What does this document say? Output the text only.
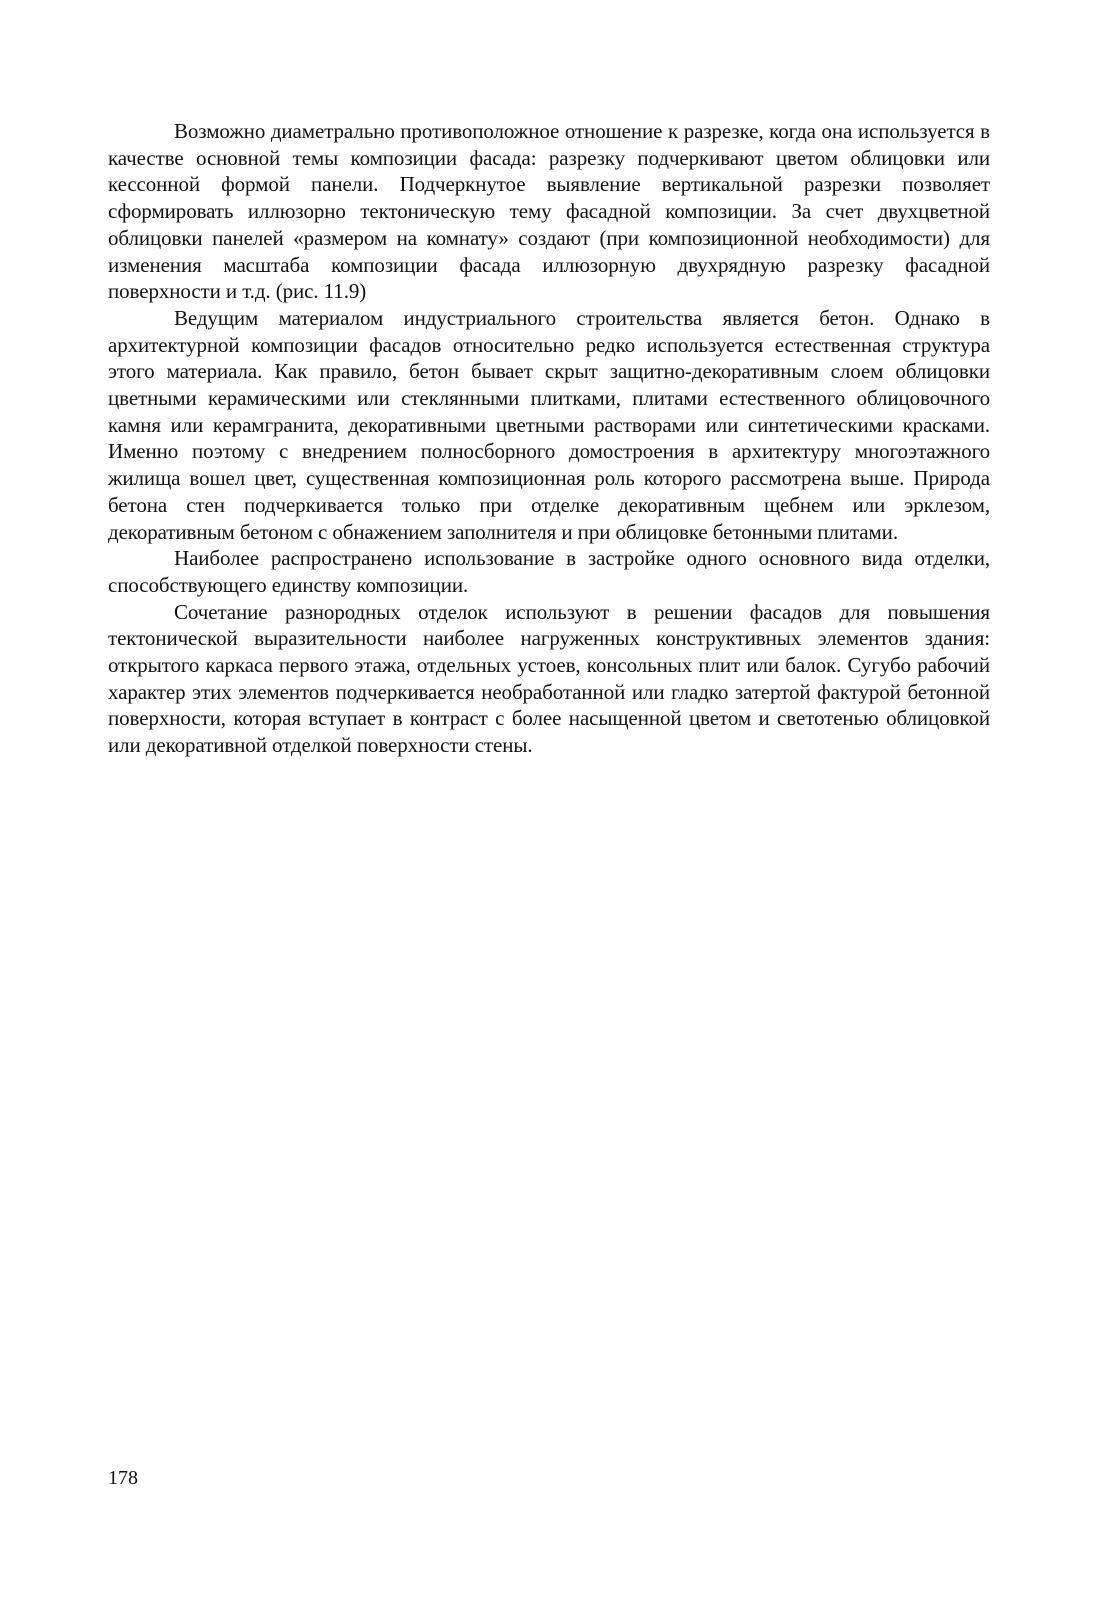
Возможно диаметрально противоположное отношение к разрезке, когда она используется в качестве основной темы композиции фасада: разрезку подчеркивают цветом облицовки или кессонной формой панели. Подчеркнутое выявление вертикальной разрезки позволяет сформировать иллюзорно тектоническую тему фасадной композиции. За счет двухцветной облицовки панелей «размером на комнату» создают (при композиционной необходимости) для изменения масштаба композиции фасада иллюзорную двухрядную разрезку фасадной поверхности и т.д. (рис. 11.9)

Ведущим материалом индустриального строительства является бетон. Однако в архитектурной композиции фасадов относительно редко используется естественная структура этого материала. Как правило, бетон бывает скрыт защитно-декоративным слоем облицовки цветными керамическими или стеклянными плитками, плитами естественного облицовочного камня или керамгранита, декоративными цветными растворами или синтетическими красками. Именно поэтому с внедрением полносборного домостроения в архитектуру многоэтажного жилища вошел цвет, существенная композиционная роль которого рассмотрена выше. Природа бетона стен подчеркивается только при отделке декоративным щебнем или эрклезом, декоративным бетоном с обнажением заполнителя и при облицовке бетонными плитами.

Наиболее распространено использование в застройке одного основного вида отделки, способствующего единству композиции.

Сочетание разнородных отделок используют в решении фасадов для повышения тектонической выразительности наиболее нагруженных конструктивных элементов здания: открытого каркаса первого этажа, отдельных устоев, консольных плит или балок. Сугубо рабочий характер этих элементов подчеркивается необработанной или гладко затертой фактурой бетонной поверхности, которая вступает в контраст с более насыщенной цветом и светотенью облицовкой или декоративной отделкой поверхности стены.

178
